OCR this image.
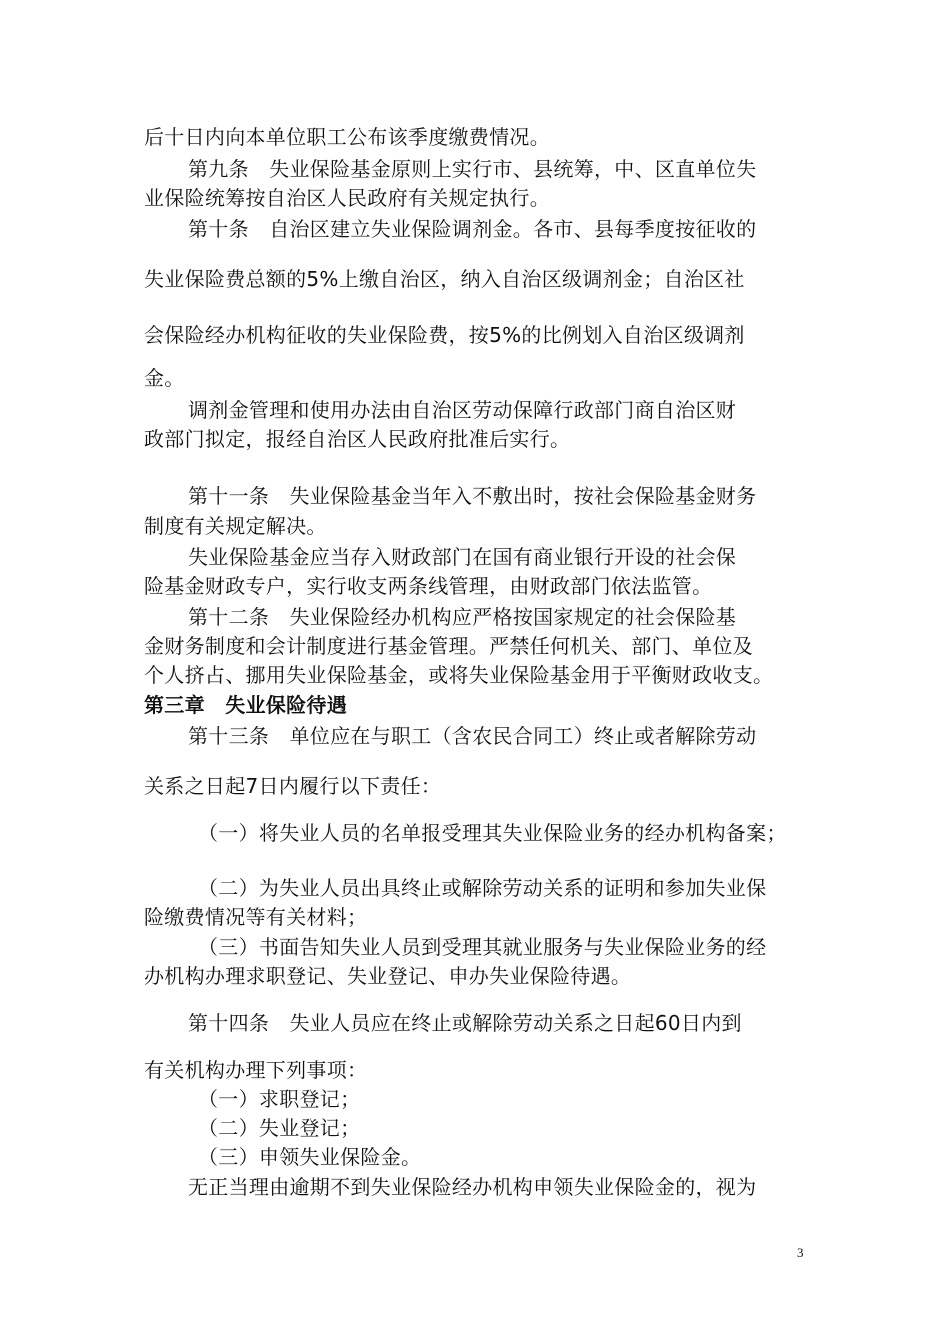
后十日内向本单位职工公布该季度缴费情况。
第九条　失业保险基金原则上实行市、县统筹，中、区直单位失
业保险统筹按自治区人民政府有关规定执行。
第十条　自治区建立失业保险调剂金。各市、县每季度按征收的
失业保险费总额的5%上缴自治区，纳入自治区级调剂金；自治区社
会保险经办机构征收的失业保险费，按5%的比例划入自治区级调剂
金。
调剂金管理和使用办法由自治区劳动保障行政部门商自治区财
政部门拟定，报经自治区人民政府批准后实行。
第十一条　失业保险基金当年入不敷出时，按社会保险基金财务
制度有关规定解决。
失业保险基金应当存入财政部门在国有商业银行开设的社会保
险基金财政专户，实行收支两条线管理，由财政部门依法监管。
第十二条　失业保险经办机构应严格按国家规定的社会保险基
金财务制度和会计制度进行基金管理。严禁任何机关、部门、单位及
个人挤占、挪用失业保险基金，或将失业保险基金用于平衡财政收支。
第三章　失业保险待遇
第十三条　单位应在与职工（含农民合同工）终止或者解除劳动
关系之日起7日内履行以下责任：
（一）将失业人员的名单报受理其失业保险业务的经办机构备案；
（二）为失业人员出具终止或解除劳动关系的证明和参加失业保
险缴费情况等有关材料；
（三）书面告知失业人员到受理其就业服务与失业保险业务的经
办机构办理求职登记、失业登记、申办失业保险待遇。
第十四条　失业人员应在终止或解除劳动关系之日起60日内到
有关机构办理下列事项：
（一）求职登记；
（二）失业登记；
（三）申领失业保险金。
无正当理由逾期不到失业保险经办机构申领失业保险金的，视为
3
